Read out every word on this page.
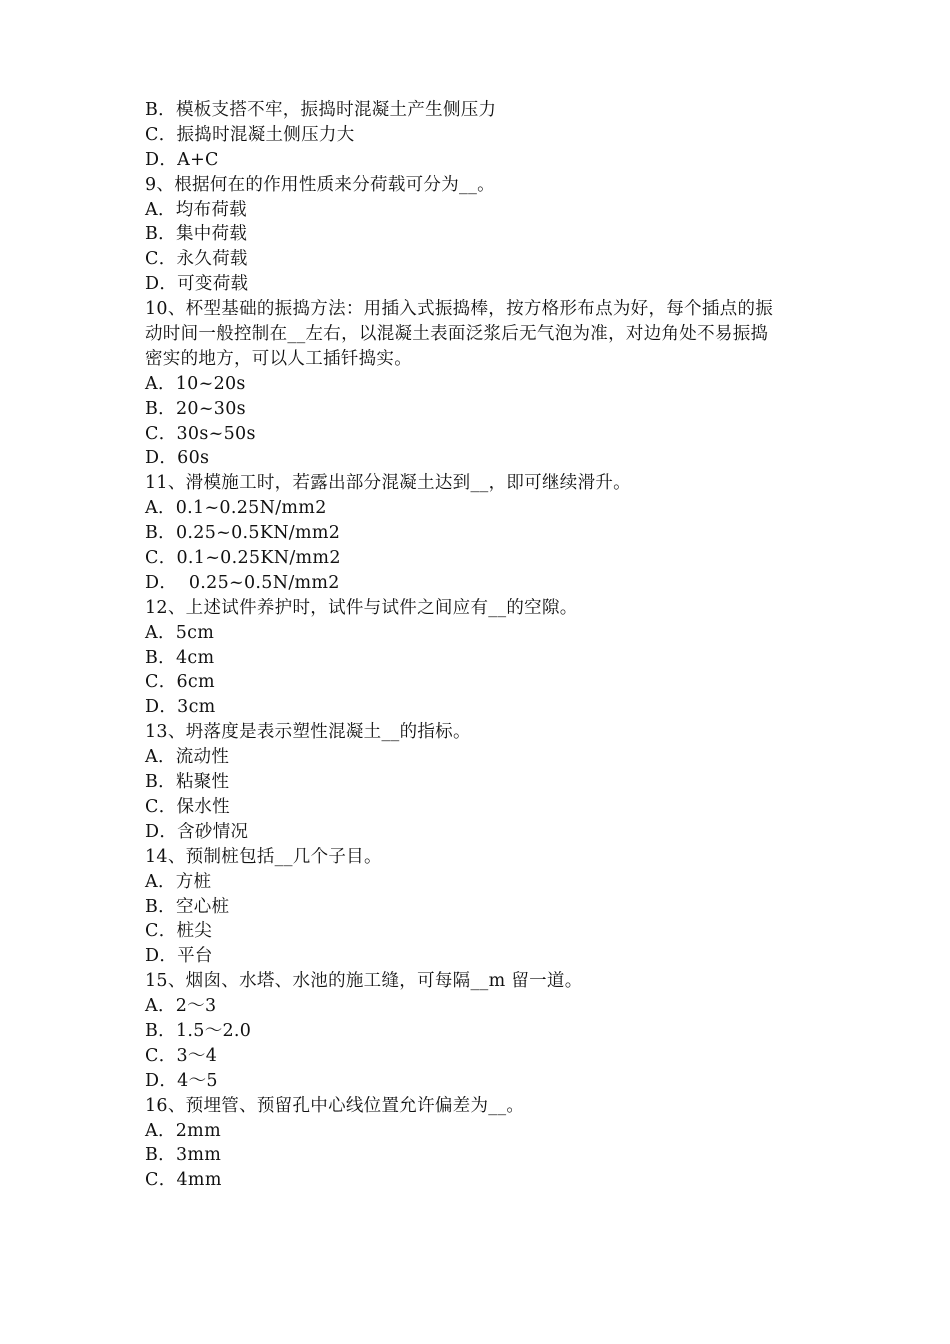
B．模板支搭不牢，振捣时混凝土产生侧压力
C．振捣时混凝土侧压力大
D．A+C
9、根据何在的作用性质来分荷载可分为__。
A．均布荷载
B．集中荷载
C．永久荷载
D．可变荷载
10、杯型基础的振捣方法：用插入式振捣棒，按方格形布点为好，每个插点的振
动时间一般控制在__左右，以混凝土表面泛浆后无气泡为准，对边角处不易振捣
密实的地方，可以人工插钎捣实。
A．10~20s
B．20~30s
C．30s~50s
D．60s
11、滑模施工时，若露出部分混凝土达到__，即可继续滑升。
A．0.1~0.25N/mm2
B．0.25~0.5KN/mm2
C．0.1~0.25KN/mm2
D．  0.25~0.5N/mm2
12、上述试件养护时，试件与试件之间应有__的空隙。
A．5cm
B．4cm
C．6cm
D．3cm
13、坍落度是表示塑性混凝土__的指标。
A．流动性
B．粘聚性
C．保水性
D．含砂情况
14、预制桩包括__几个子目。
A．方桩
B．空心桩
C．桩尖
D．平台
15、烟囱、水塔、水池的施工缝，可每隔__m 留一道。
A．2～3
B．1.5～2.0
C．3～4
D．4～5
16、预埋管、预留孔中心线位置允许偏差为__。
A．2mm
B．3mm
C．4mm
